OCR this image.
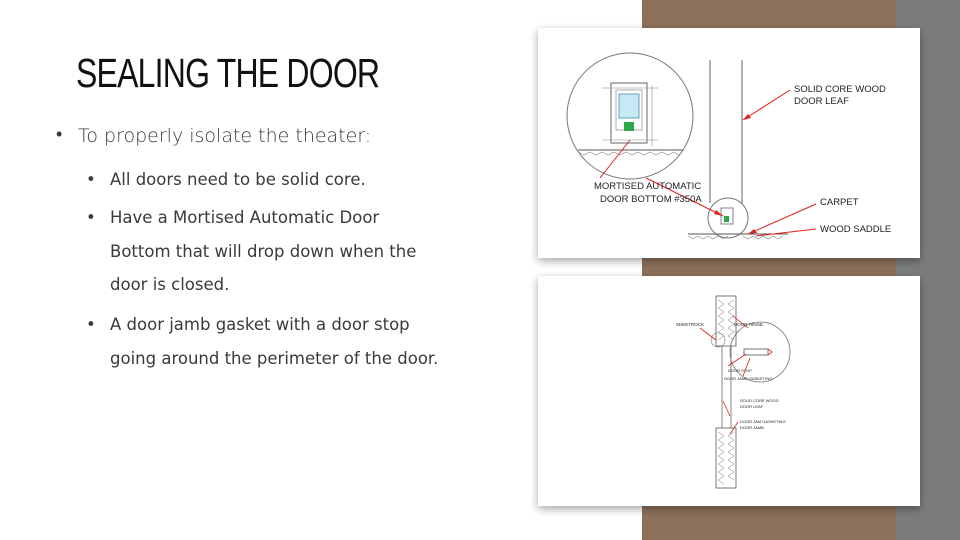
SEALING THE DOOR
• To properly isolate the theater:
• All doors need to be solid core.
• Have a Mortised Automatic Door Bottom that will drop down when the door is closed.
• A door jamb gasket with a door stop going around the perimeter of the door.
SOLID CORE WOOD
DOOR LEAF
MORTISED AUTOMATIC
DOOR BOTTOM #350A	CARPET
WOOD SADDLE
SHEETROCK	DOOR HINGE
DOOR STOP
DOOR JAMB GASKETING
SOLID CORE WOOD
DOOR LEAF
DOOR JAM GASKETING
DOOR JAMB
